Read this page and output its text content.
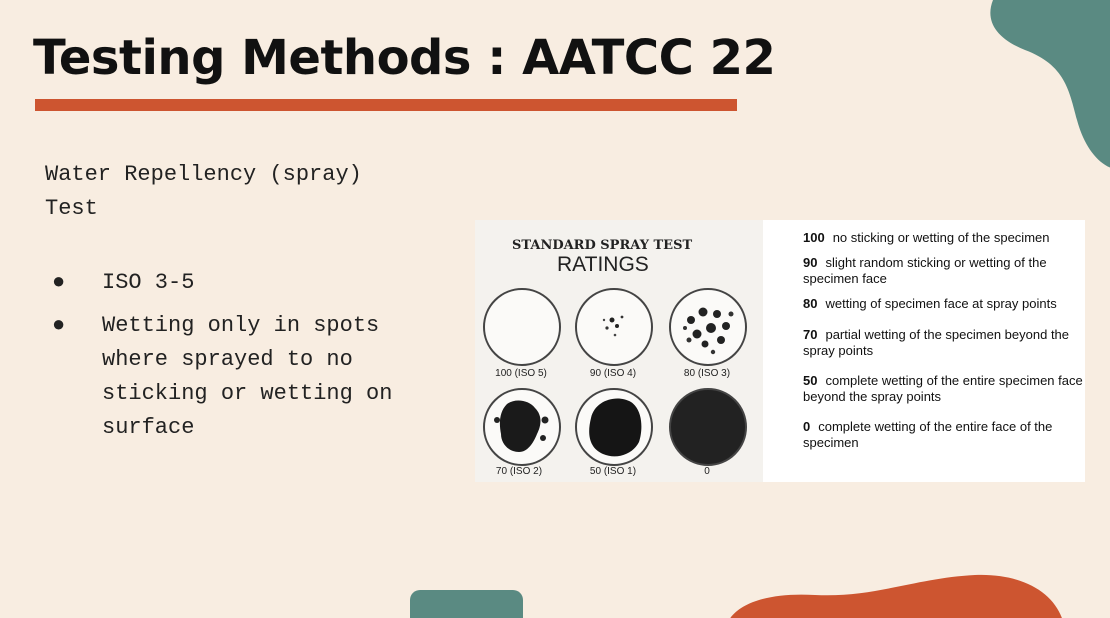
Testing Methods : AATCC 22
Water Repellency (spray)
Test
●	ISO 3-5
●	Wetting only in spots where sprayed to no sticking or wetting on surface
STANDARD SPRAY TEST
RATINGS
100 (ISO 5)	90 (ISO 4)	80 (ISO 3)
70 (ISO 2)	50 (ISO 1)	0
100 no sticking or wetting of the specimen
90 slight random sticking or wetting of the specimen face
80 wetting of specimen face at spray points
70 partial wetting of the specimen beyond the spray points
50 complete wetting of the entire specimen face beyond the spray points
0 complete wetting of the entire face of the specimen
